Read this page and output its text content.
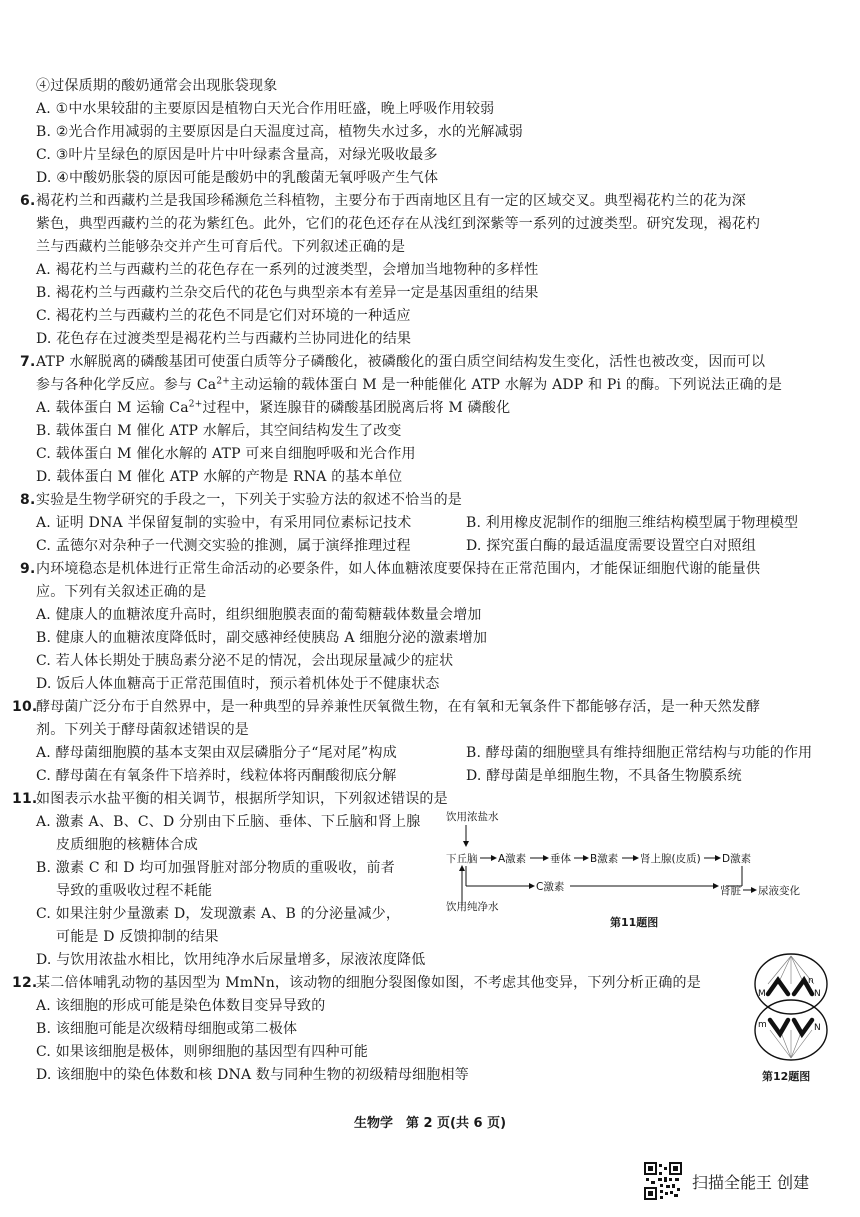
④过保质期的酸奶通常会出现胀袋现象
A. ①中水果较甜的主要原因是植物白天光合作用旺盛，晚上呼吸作用较弱
B. ②光合作用减弱的主要原因是白天温度过高，植物失水过多，水的光解减弱
C. ③叶片呈绿色的原因是叶片中叶绿素含量高，对绿光吸收最多
D. ④中酸奶胀袋的原因可能是酸奶中的乳酸菌无氧呼吸产生气体
6. 褐花杓兰和西藏杓兰是我国珍稀濒危兰科植物，主要分布于西南地区且有一定的区域交叉。典型褐花杓兰的花为深
紫色，典型西藏杓兰的花为紫红色。此外，它们的花色还存在从浅红到深紫等一系列的过渡类型。研究发现，褐花杓
兰与西藏杓兰能够杂交并产生可育后代。下列叙述正确的是
A. 褐花杓兰与西藏杓兰的花色存在一系列的过渡类型，会增加当地物种的多样性
B. 褐花杓兰与西藏杓兰杂交后代的花色与典型亲本有差异一定是基因重组的结果
C. 褐花杓兰与西藏杓兰的花色不同是它们对环境的一种适应
D. 花色存在过渡类型是褐花杓兰与西藏杓兰协同进化的结果
7. ATP 水解脱离的磷酸基团可使蛋白质等分子磷酸化，被磷酸化的蛋白质空间结构发生变化，活性也被改变，因而可以
参与各种化学反应。参与 $Ca^{2+}$主动运输的载体蛋白 M 是一种能催化 ATP 水解为 ADP 和 Pi 的酶。下列说法正确的是
A. 载体蛋白 M 运输 $Ca^{2+}$过程中，紧连腺苷的磷酸基团脱离后将 M 磷酸化
B. 载体蛋白 M 催化 ATP 水解后，其空间结构发生了改变
C. 载体蛋白 M 催化水解的 ATP 可来自细胞呼吸和光合作用
D. 载体蛋白 M 催化 ATP 水解的产物是 RNA 的基本单位
8. 实验是生物学研究的手段之一，下列关于实验方法的叙述不恰当的是
A. 证明 DNA 半保留复制的实验中，有采用同位素标记技术	B. 利用橡皮泥制作的细胞三维结构模型属于物理模型
C. 孟德尔对杂种子一代测交实验的推测，属于演绎推理过程	D. 探究蛋白酶的最适温度需要设置空白对照组
9. 内环境稳态是机体进行正常生命活动的必要条件，如人体血糖浓度要保持在正常范围内，才能保证细胞代谢的能量供
应。下列有关叙述正确的是
A. 健康人的血糖浓度升高时，组织细胞膜表面的葡萄糖载体数量会增加
B. 健康人的血糖浓度降低时，副交感神经使胰岛 A 细胞分泌的激素增加
C. 若人体长期处于胰岛素分泌不足的情况，会出现尿量减少的症状
D. 饭后人体血糖高于正常范围值时，预示着机体处于不健康状态
10.
酵母菌广泛分布于自然界中，是一种典型的异养兼性厌氧微生物，在有氧和无氧条件下都能够存活，是一种天然发酵
剂。下列关于酵母菌叙述错误的是
A. 酵母菌细胞膜的基本支架由双层磷脂分子“尾对尾”构成	B. 酵母菌的细胞壁具有维持细胞正常结构与功能的作用
C. 酵母菌在有氧条件下培养时，线粒体将丙酮酸彻底分解	D. 酵母菌是单细胞生物，不具备生物膜系统
11.
如图表示水盐平衡的相关调节，根据所学知识，下列叙述错误的是
A. 激素 A、B、C、D 分别由下丘脑、垂体、下丘脑和肾上腺
皮质细胞的核糖体合成
B. 激素 C 和 D 均可加强肾脏对部分物质的重吸收，前者
导致的重吸收过程不耗能
C. 如果注射少量激素 D，发现激素 A、B 的分泌量减少，
可能是 D 反馈抑制的结果
D. 与饮用浓盐水相比，饮用纯净水后尿量增多，尿液浓度降低
饮用浓盐水
下丘脑 A激素 垂体 B激素 肾上腺(皮质) D激素
C激素	肾脏 尿液变化
饮用纯净水
第11题图
12.
某二倍体哺乳动物的基因型为 MmNn，该动物的细胞分裂图像如图，不考虑其他变异，下列分析正确的是
A. 该细胞的形成可能是染色体数目变异导致的
B. 该细胞可能是次级精母细胞或第二极体
C. 如果该细胞是极体，则卵细胞的基因型有四种可能
D. 该细胞中的染色体数和核 DNA 数与同种生物的初级精母细胞相等
M	N
n
m	N
第12题图
生物学　第 2 页(共 6 页)
扫描全能王 创建
